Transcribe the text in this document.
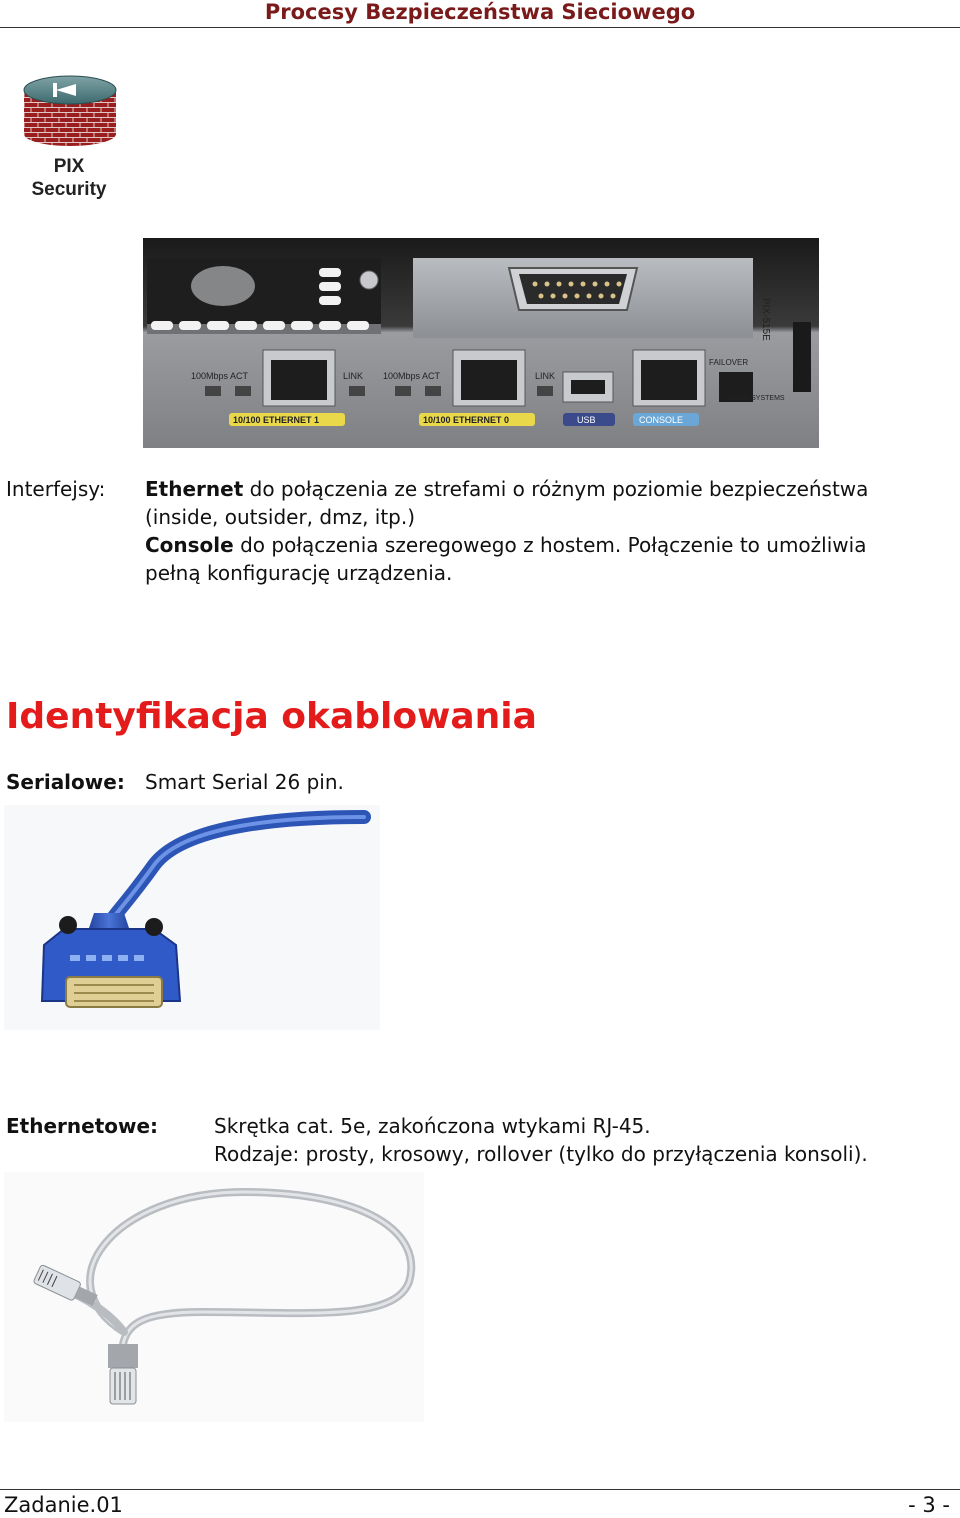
Procesy Bezpieczeństwa Sieciowego
PIX
Security
100Mbps ACT	LINK
10/100 ETHERNET 1
100Mbps ACT	LINK
10/100 ETHERNET 0	USB	CONSOLE
FAILOVER
CISCO SYSTEMS
PIX-515E
Interfejsy: Ethernet do połączenia ze strefami o różnym poziomie bezpieczeństwa
(inside, outsider, dmz, itp.)
Console do połączenia szeregowego z hostem. Połączenie to umożliwia
pełną konfigurację urządzenia.
Identyfikacja okablowania
Serialowe: Smart Serial 26 pin.
Ethernetowe:	Skrętka cat. 5e, zakończona wtykami RJ-45.
Rodzaje: prosty, krosowy, rollover (tylko do przyłączenia konsoli).
Zadanie.01	- 3 -
